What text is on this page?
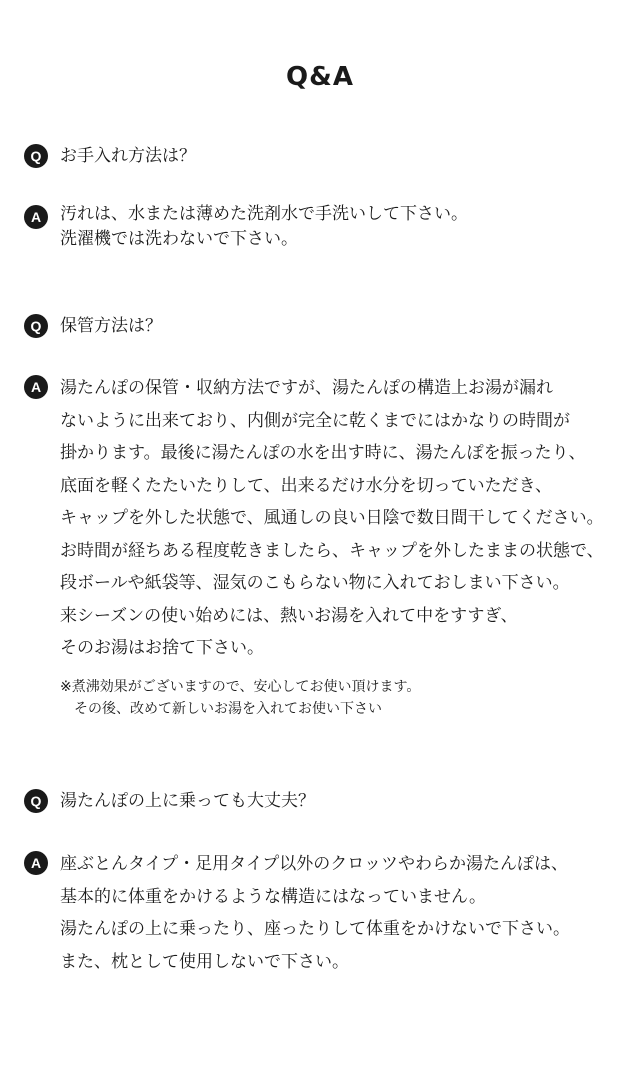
Q&A
Q	お手入れ方法は？
A	汚れは、水または薄めた洗剤水で手洗いして下さい。
洗濯機では洗わないで下さい。
Q	保管方法は？
A	湯たんぽの保管・収納方法ですが、湯たんぽの構造上お湯が漏れ
ないように出来ており、内側が完全に乾くまでにはかなりの時間が
掛かります。最後に湯たんぽの水を出す時に、湯たんぽを振ったり、
底面を軽くたたいたりして、出来るだけ水分を切っていただき、
キャップを外した状態で、風通しの良い日陰で数日間干してください。
お時間が経ちある程度乾きましたら、キャップを外したままの状態で、
段ボールや紙袋等、湿気のこもらない物に入れておしまい下さい。
来シーズンの使い始めには、熱いお湯を入れて中をすすぎ、
そのお湯はお捨て下さい。
※煮沸効果がございますので、安心してお使い頂けます。
　その後、改めて新しいお湯を入れてお使い下さい
Q	湯たんぽの上に乗っても大丈夫？
A	座ぶとんタイプ・足用タイプ以外のクロッツやわらか湯たんぽは、
基本的に体重をかけるような構造にはなっていません。
湯たんぽの上に乗ったり、座ったりして体重をかけないで下さい。
また、枕として使用しないで下さい。
